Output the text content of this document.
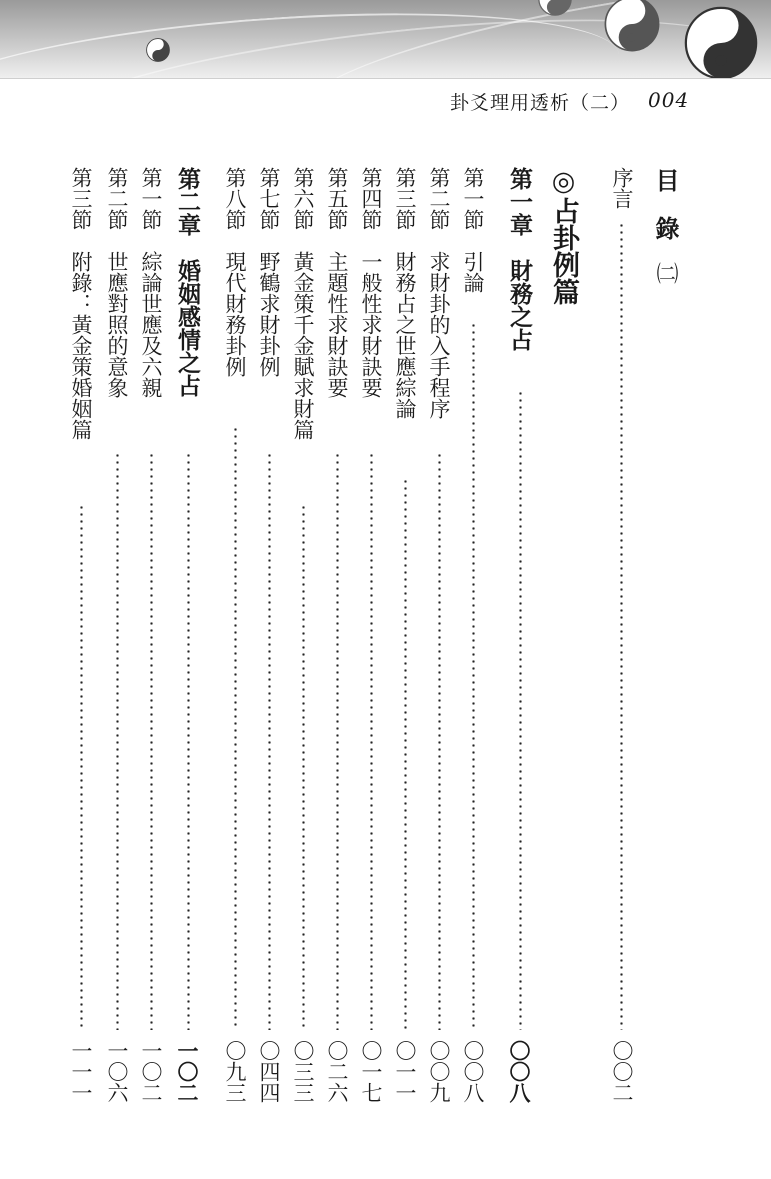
卦爻理用透析（二） 004
目　錄㈡
序言
〇〇二
◎占卦例篇
第一章　財務之占
〇〇八
第一節　引論
〇〇八
第二節　求財卦的入手程序
〇〇九
第三節　財務占之世應綜論
〇一一
第四節　一般性求財訣要
〇一七
第五節　主題性求財訣要
〇二六
第六節　黃金策千金賦求財篇
〇三三
第七節　野鶴求財卦例
〇四四
第八節　現代財務卦例
〇九三
第二章　婚姻感情之占
一〇二
第一節　綜論世應及六親
一〇二
第二節　世應對照的意象
一〇六
第三節　附錄：黃金策婚姻篇
一一一
